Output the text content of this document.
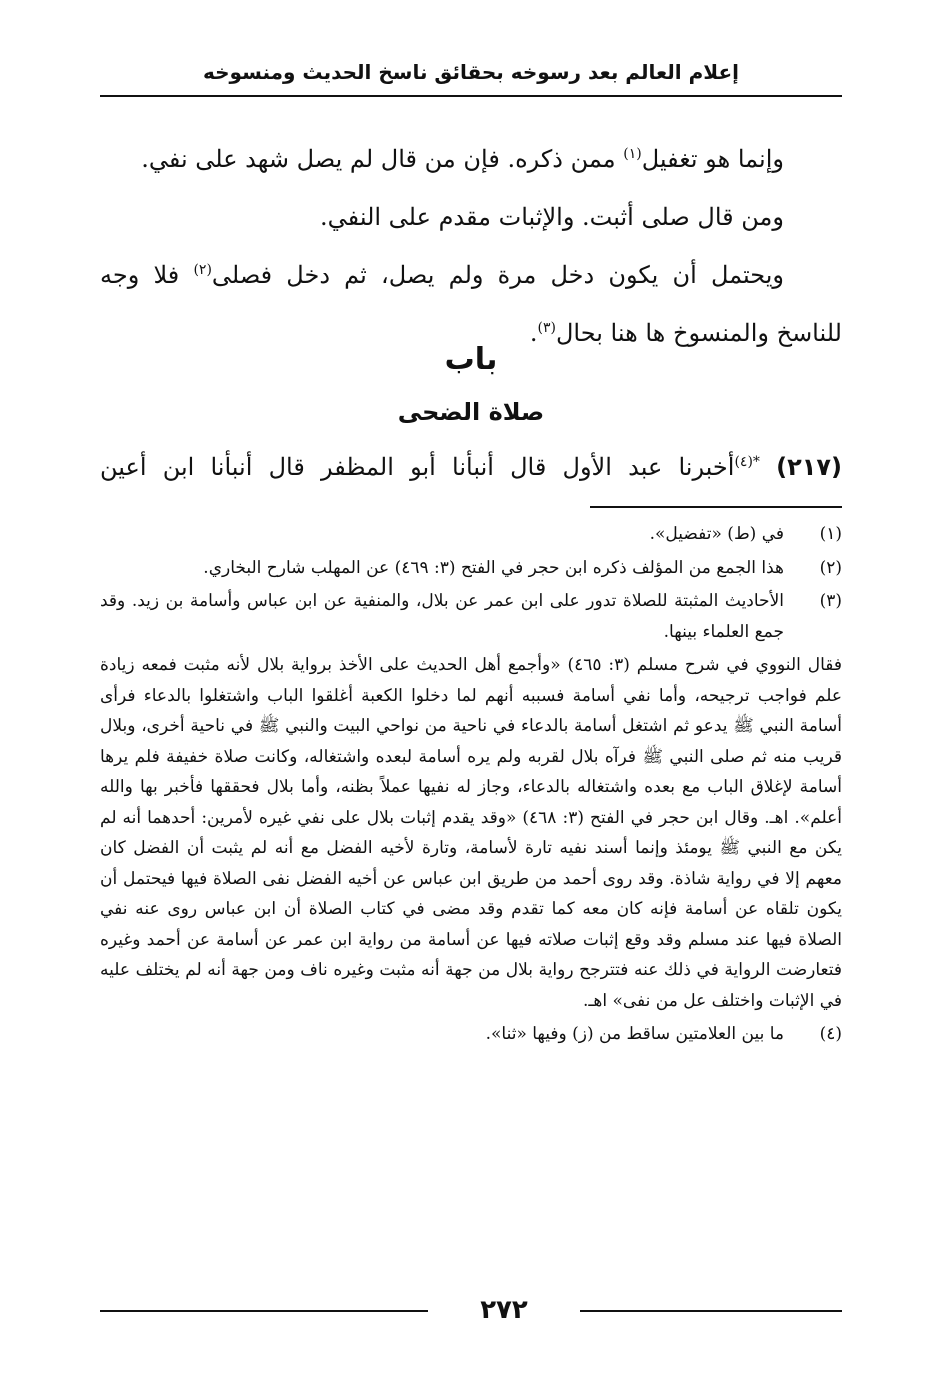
إعلام العالم بعد رسوخه بحقائق ناسخ الحديث ومنسوخه

وإنما هو تغفيل$^{(١)}$ ممن ذكره. فإن من قال لم يصل شهد على نفي.

ومن قال صلى أثبت. والإثبات مقدم على النفي.

ويحتمل أن يكون دخل مرة ولم يصل، ثم دخل فصلى$^{(٢)}$ فلا وجه للناسخ والمنسوخ ها هنا بحال$^{(٣)}$.

باب
صلاة الضحى

(٢١٧) $^{*(٤)}$أخبرنا عبد الأول قال أنبأنا أبو المظفر قال أنبأنا ابن أعين

(١)
في (ط) «تفضيل».
(٢)
هذا الجمع من المؤلف ذكره ابن حجر في الفتح (٣: ٤٦٩) عن المهلب شارح البخاري.
(٣)
الأحاديث المثبتة للصلاة تدور على ابن عمر عن بلال، والمنفية عن ابن عباس وأسامة بن زيد. وقد جمع العلماء بينها.

فقال النووي في شرح مسلم (٣: ٤٦٥) «وأجمع أهل الحديث على الأخذ برواية بلال لأنه مثبت فمعه زيادة علم فواجب ترجيحه، وأما نفي أسامة فسببه أنهم لما دخلوا الكعبة أغلقوا الباب واشتغلوا بالدعاء فرأى أسامة النبي ﷺ يدعو ثم اشتغل أسامة بالدعاء في ناحية من نواحي البيت والنبي ﷺ في ناحية أخرى، وبلال قريب منه ثم صلى النبي ﷺ فرآه بلال لقربه ولم يره أسامة لبعده واشتغاله، وكانت صلاة خفيفة فلم يرها أسامة لإغلاق الباب مع بعده واشتغاله بالدعاء، وجاز له نفيها عملاً بظنه، وأما بلال فحققها فأخبر بها والله أعلم». اهـ. وقال ابن حجر في الفتح (٣: ٤٦٨) «وقد يقدم إثبات بلال على نفي غيره لأمرين: أحدهما أنه لم يكن مع النبي ﷺ يومئذ وإنما أسند نفيه تارة لأسامة، وتارة لأخيه الفضل مع أنه لم يثبت أن الفضل كان معهم إلا في رواية شاذة. وقد روى أحمد من طريق ابن عباس عن أخيه الفضل نفى الصلاة فيها فيحتمل أن يكون تلقاه عن أسامة فإنه كان معه كما تقدم وقد مضى في كتاب الصلاة أن ابن عباس روى عنه نفي الصلاة فيها عند مسلم وقد وقع إثبات صلاته فيها عن أسامة من رواية ابن عمر عن أسامة عن أحمد وغيره فتعارضت الرواية في ذلك عنه فتترجح رواية بلال من جهة أنه مثبت وغيره ناف ومن جهة أنه لم يختلف عليه في الإثبات واختلف عل من نفى» اهـ.

(٤)
ما بين العلامتين ساقط من (ز) وفيها «ثنا».
٢٧٢
